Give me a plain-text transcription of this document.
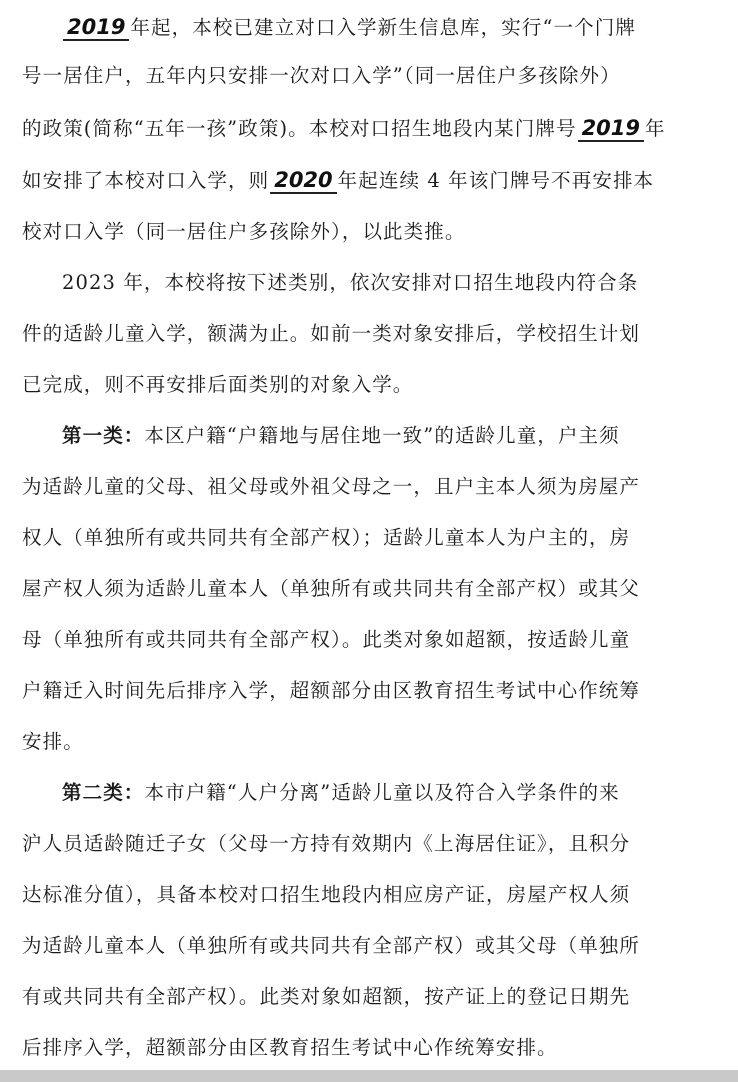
2019 年起，本校已建立对口入学新生信息库，实行“一个门牌
号一居住户，五年内只安排一次对口入学”（同一居住户多孩除外）
的政策(简称“五年一孩”政策)。本校对口招生地段内某门牌号 2019 年
如安排了本校对口入学，则 2020 年起连续 4 年该门牌号不再安排本
校对口入学（同一居住户多孩除外），以此类推。
2023 年，本校将按下述类别，依次安排对口招生地段内符合条
件的适龄儿童入学，额满为止。如前一类对象安排后，学校招生计划
已完成，则不再安排后面类别的对象入学。
第一类：本区户籍“户籍地与居住地一致”的适龄儿童，户主须
为适龄儿童的父母、祖父母或外祖父母之一，且户主本人须为房屋产
权人（单独所有或共同共有全部产权）；适龄儿童本人为户主的，房
屋产权人须为适龄儿童本人（单独所有或共同共有全部产权）或其父
母（单独所有或共同共有全部产权）。此类对象如超额，按适龄儿童
户籍迁入时间先后排序入学，超额部分由区教育招生考试中心作统筹
安排。
第二类：本市户籍“人户分离”适龄儿童以及符合入学条件的来
沪人员适龄随迁子女（父母一方持有效期内《上海居住证》，且积分
达标准分值），具备本校对口招生地段内相应房产证，房屋产权人须
为适龄儿童本人（单独所有或共同共有全部产权）或其父母（单独所
有或共同共有全部产权）。此类对象如超额，按产证上的登记日期先
后排序入学，超额部分由区教育招生考试中心作统筹安排。
